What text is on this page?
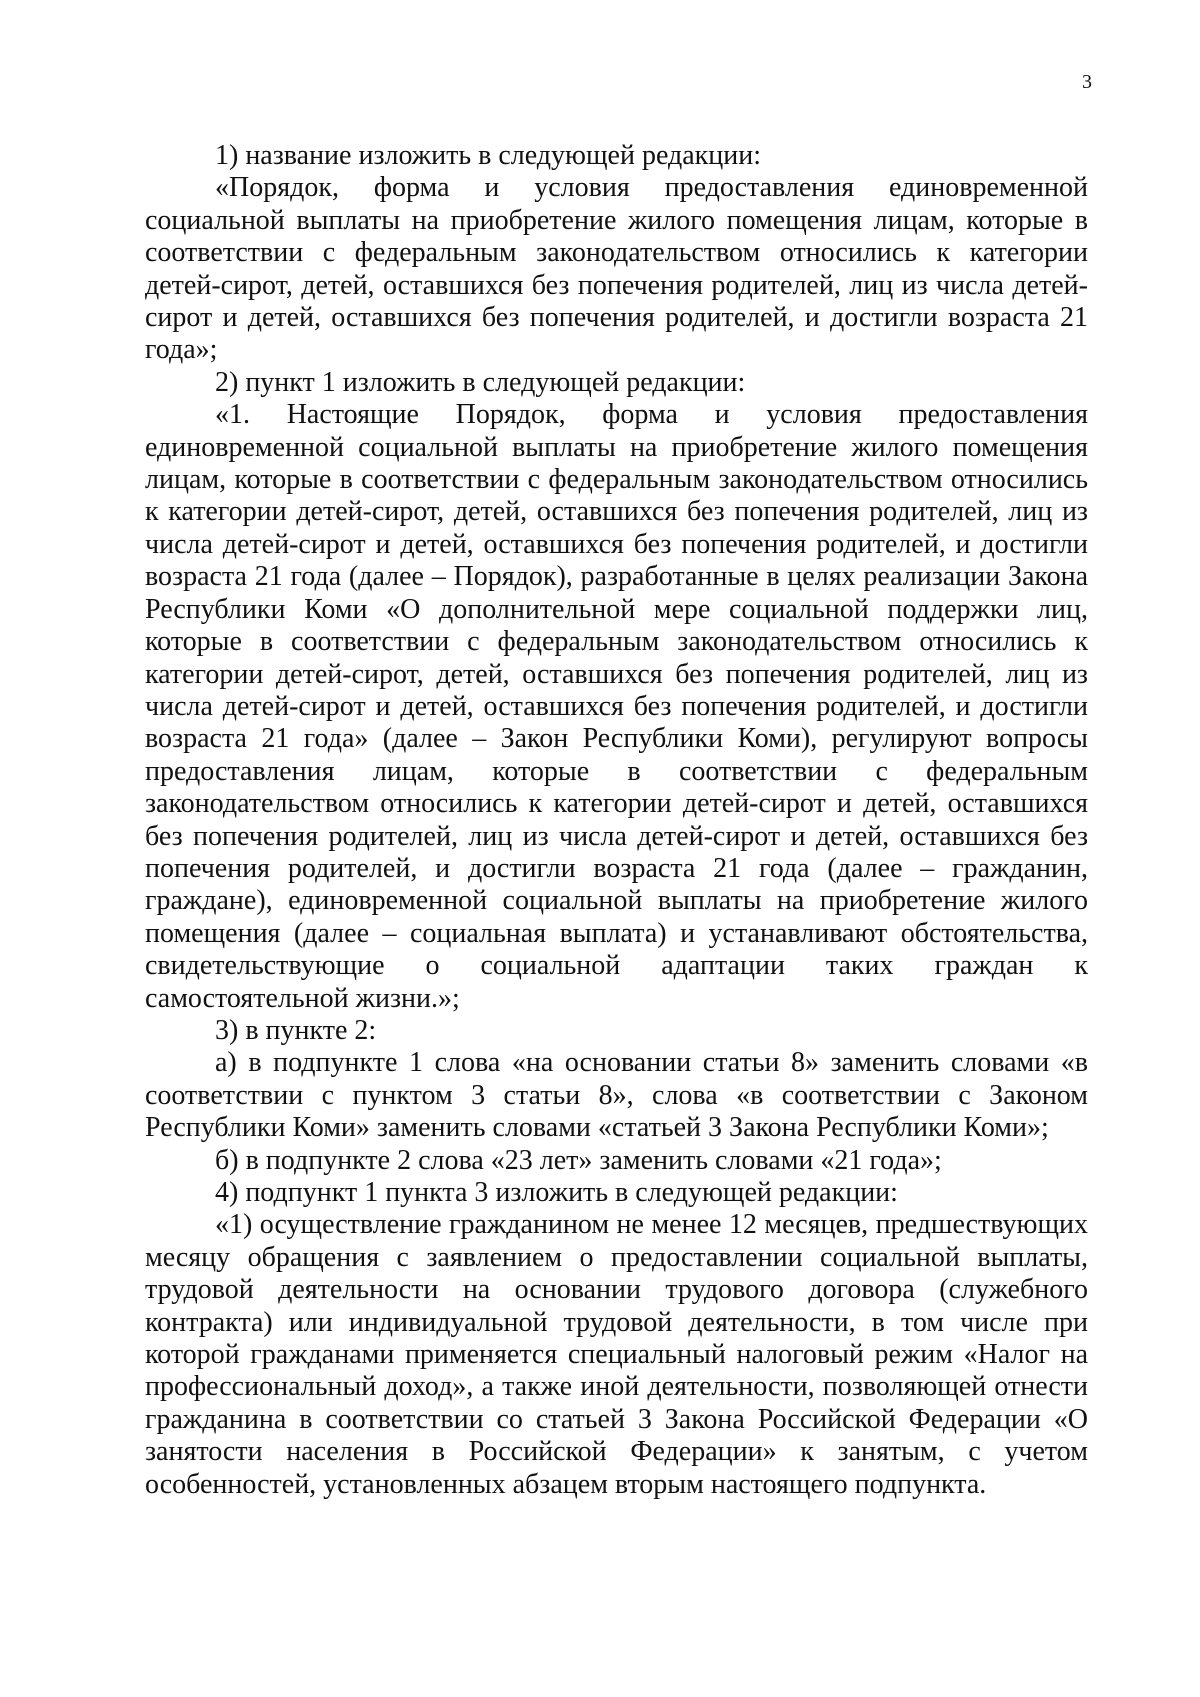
3

1) название изложить в следующей редакции:

«Порядок, форма и условия предоставления единовременной социальной выплаты на приобретение жилого помещения лицам, которые в соответствии с федеральным законодательством относились к категории детей-сирот, детей, оставшихся без попечения родителей, лиц из числа детей-сирот и детей, оставшихся без попечения родителей, и достигли возраста 21 года»;

2) пункт 1 изложить в следующей редакции:

«1. Настоящие Порядок, форма и условия предоставления единовременной социальной выплаты на приобретение жилого помещения лицам, которые в соответствии с федеральным законодательством относились к категории детей-сирот, детей, оставшихся без попечения родителей, лиц из числа детей-сирот и детей, оставшихся без попечения родителей, и достигли возраста 21 года (далее – Порядок), разработанные в целях реализации Закона Республики Коми «О дополнительной мере социальной поддержки лиц, которые в соответствии с федеральным законодательством относились к категории детей-сирот, детей, оставшихся без попечения родителей, лиц из числа детей-сирот и детей, оставшихся без попечения родителей, и достигли возраста 21 года» (далее – Закон Республики Коми), регулируют вопросы предоставления лицам, которые в соответствии с федеральным законодательством относились к категории детей-сирот и детей, оставшихся без попечения родителей, лиц из числа детей-сирот и детей, оставшихся без попечения родителей, и достигли возраста 21 года (далее – гражданин, граждане), единовременной социальной выплаты на приобретение жилого помещения (далее – социальная выплата) и устанавливают обстоятельства, свидетельствующие о социальной адаптации таких граждан к самостоятельной жизни.»;

3) в пункте 2:

а) в подпункте 1 слова «на основании статьи 8» заменить словами «в соответствии с пунктом 3 статьи 8», слова «в соответствии с Законом Республики Коми» заменить словами «статьей 3 Закона Республики Коми»;

б) в подпункте 2 слова «23 лет» заменить словами «21 года»;

4) подпункт 1 пункта 3 изложить в следующей редакции:

«1) осуществление гражданином не менее 12 месяцев, предшествующих месяцу обращения с заявлением о предоставлении социальной выплаты, трудовой деятельности на основании трудового договора (служебного контракта) или индивидуальной трудовой деятельности, в том числе при которой гражданами применяется специальный налоговый режим «Налог на профессиональный доход», а также иной деятельности, позволяющей отнести гражданина в соответствии со статьей 3 Закона Российской Федерации «О занятости населения в Российской Федерации» к занятым, с учетом особенностей, установленных абзацем вторым настоящего подпункта.
